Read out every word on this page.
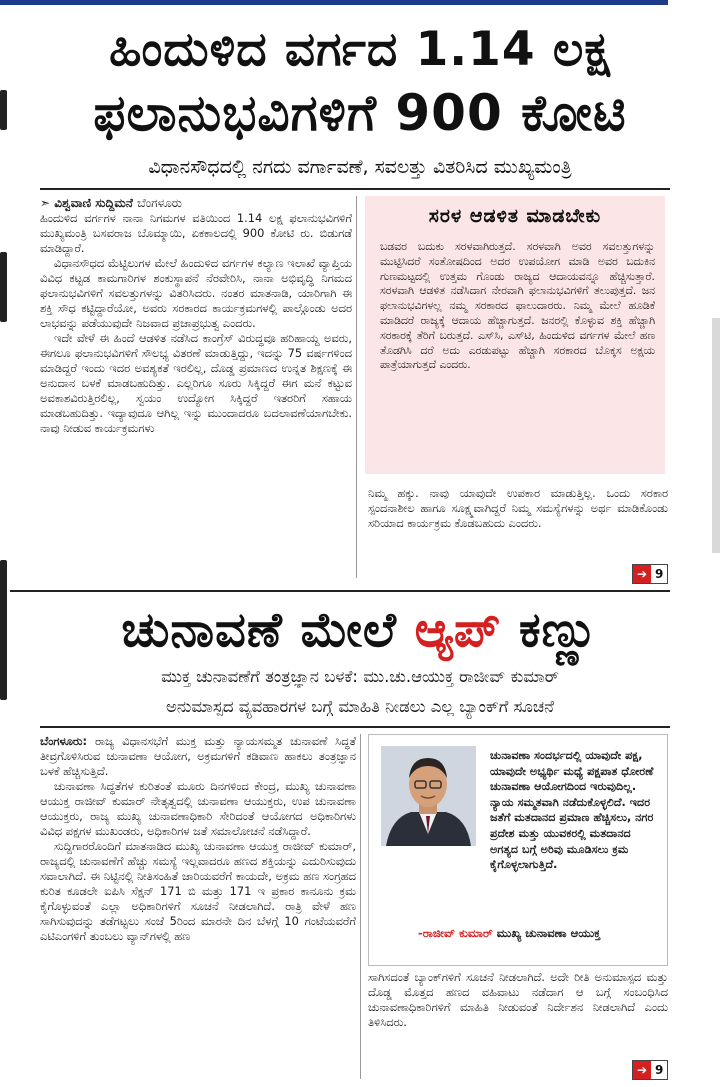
ಹಿಂದುಳಿದ ವರ್ಗದ 1.14 ಲಕ್ಷ
ಫಲಾನುಭವಿಗಳಿಗೆ 900 ಕೋಟಿ
ವಿಧಾನಸೌಧದಲ್ಲಿ ನಗದು ವರ್ಗಾವಣೆ, ಸವಲತ್ತು ವಿತರಿಸಿದ ಮುಖ್ಯಮಂತ್ರಿ
➣ ವಿಶ್ವವಾಣಿ ಸುದ್ದಿಮನೆ ಬೆಂಗಳೂರು

ಹಿಂದುಳಿದ ವರ್ಗಗಳ ನಾನಾ ನಿಗಮಗಳ ವತಿಯಿಂದ 1.14 ಲಕ್ಷ ಫಲಾನುಭವಿಗಳಿಗೆ ಮುಖ್ಯಮಂತ್ರಿ ಬಸವರಾಜ ಬೊಮ್ಮಾಯಿ, ಏಕಕಾಲದಲ್ಲಿ 900 ಕೋಟಿ ರು. ಬಿಡುಗಡೆ ಮಾಡಿದ್ದಾರೆ.

ವಿಧಾನಸೌಧದ ಮೆಟ್ಟಿಲುಗಳ ಮೇಲೆ ಹಿಂದುಳಿದ ವರ್ಗಗಳ ಕಲ್ಯಾಣ ಇಲಾಖೆ ವ್ಯಾಪ್ತಿಯ ವಿವಿಧ ಕಟ್ಟಡ ಕಾಮಗಾರಿಗಳ ಶಂಕುಸ್ಥಾಪನೆ ನೆರವೇರಿಸಿ, ನಾನಾ ಅಭಿವೃದ್ಧಿ ನಿಗಮದ ಫಲಾನುಭವಿಗಳಿಗೆ ಸವಲತ್ತುಗಳನ್ನು ವಿತರಿಸಿದರು. ನಂತರ ಮಾತನಾಡಿ, ಯಾರಿಗಾಗಿ ಈ ಶಕ್ತಿ ಸೌಧ ಕಟ್ಟಿದ್ದಾರೆಯೋ, ಅವರು ಸರಕಾರದ ಕಾರ್ಯಕ್ರಮಗಳಲ್ಲಿ ಪಾಲ್ಗೊಂಡು ಅದರ ಲಾಭವನ್ನು ಪಡೆಯುವುದೇ ನಿಜವಾದ ಪ್ರಜಾಪ್ರಭುತ್ವ ಎಂದರು.

ಇದೇ ವೇಳೆ ಈ ಹಿಂದೆ ಆಡಳಿತ ನಡೆಸಿದ ಕಾಂಗ್ರೆಸ್ ವಿರುದ್ಧವೂ ಹರಿಹಾಯ್ದ ಅವರು, ಈಗಲೂ ಫಲಾನುಭವಿಗಳಿಗೆ ಸೌಲಭ್ಯ ವಿತರಣೆ ಮಾಡುತ್ತಿದ್ದು, ಇದನ್ನು 75 ವರ್ಷಗಳಿಂದ ಮಾಡಿದ್ದರೆ ಇಂದು ಇದರ ಅವಶ್ಯಕತೆ ಇರಲಿಲ್ಲ, ದೊಡ್ಡ ಪ್ರಮಾಣದ ಉನ್ನತ ಶಿಕ್ಷಣಕ್ಕೆ ಈ ಅನುದಾನ ಬಳಕೆ ಮಾಡಬಹುದಿತ್ತು. ಎಲ್ಲರಿಗೂ ಸೂರು ಸಿಕ್ಕಿದ್ದರೆ ಈಗ ಮನೆ ಕಟ್ಟುವ ಅವಕಾಶವಿರುತ್ತಿರಲಿಲ್ಲ, ಸ್ವಯಂ ಉದ್ಯೋಗ ಸಿಕ್ಕಿದ್ದರೆ ಇತರರಿಗೆ ಸಹಾಯ ಮಾಡಬಹುದಿತ್ತು. ಇದ್ಯಾವುದೂ ಆಗಿಲ್ಲ ಇನ್ನು ಮುಂದಾದರೂ ಬದಲಾವಣೆಯಾಗಬೇಕು. ನಾವು ನೀಡುವ ಕಾರ್ಯಕ್ರಮಗಳು

ಸರಳ ಆಡಳಿತ ಮಾಡಬೇಕು
ಬಡವರ ಬದುಕು ಸರಳವಾಗಿರುತ್ತದೆ. ಸರಳವಾಗಿ ಅವರ ಸವಲತ್ತುಗಳನ್ನು ಮುಟ್ಟಿಸಿದರೆ ಸಂತೋಷದಿಂದ ಅದರ ಉಪಯೋಗ ಮಾಡಿ ಅವರ ಬದುಕಿನ ಗುಣಮಟ್ಟದಲ್ಲಿ ಉತ್ತಮ ಗೊಂಡು ರಾಜ್ಯದ ಆದಾಯವನ್ನೂ ಹೆಚ್ಚಿಸುತ್ತಾರೆ. ಸರಳವಾಗಿ ಆಡಳಿತ ನಡೆಸಿದಾಗ ನೇರವಾಗಿ ಫಲಾನುಭವಿಗಳಿಗೆ ತಲುಪುತ್ತದೆ. ಜನ ಫಲಾನುಭವಿಗಳಲ್ಲ ನಮ್ಮ ಸರಕಾರದ ಫಾಲುದಾರರು. ನಿಮ್ಮ ಮೇಲೆ ಹೂಡಿಕೆ ಮಾಡಿದರೆ ರಾಜ್ಯಕ್ಕೆ ಆದಾಯ ಹೆಚ್ಚಾಗುತ್ತದೆ. ಜನರಲ್ಲಿ ಕೊಳ್ಳುವ ಶಕ್ತಿ ಹೆಚ್ಚಾಗಿ ಸರಕಾರಕ್ಕೆ ತೆರಿಗೆ ಬರುತ್ತದೆ. ಎಸ್‌ಸಿ, ಎಸ್‌ಟಿ, ಹಿಂದುಳಿದ ವರ್ಗಗಳ ಮೇಲೆ ಹಣ ತೊಡಗಿಸಿ ದರೆ ಅದು ಎರಡುಪಟ್ಟು ಹೆಚ್ಚಾಗಿ ಸರಕಾರದ ಬೊಕ್ಕಸ ಅಕ್ಷಯ ಪಾತ್ರೆಯಾಗುತ್ತದೆ ಎಂದರು.
ನಿಮ್ಮ ಹಕ್ಕು. ನಾವು ಯಾವುದೇ ಉಪಕಾರ ಮಾಡುತ್ತಿಲ್ಲ. ಒಂದು ಸರಕಾರ ಸ್ಪಂದನಾಶೀಲ ಹಾಗೂ ಸೂಕ್ಷ್ಮವಾಗಿದ್ದರೆ ನಿಮ್ಮ ಸಮಸ್ಯೆಗಳನ್ನು ಅರ್ಥ ಮಾಡಿಕೊಂಡು ಸರಿಯಾದ ಕಾರ್ಯಕ್ರಮ ಕೊಡಬಹುದು ಎಂದರು.
➔ 9
ಚುನಾವಣೆ ಮೇಲೆ ಆ್ಯಪ್ ಕಣ್ಣು
ಮುಕ್ತ ಚುನಾವಣೆಗೆ ತಂತ್ರಜ್ಞಾನ ಬಳಕೆ: ಮು.ಚು.ಆಯುಕ್ತ ರಾಜೀವ್ ಕುಮಾರ್
ಅನುಮಾಸ್ಪದ ವ್ಯವಹಾರಗಳ ಬಗ್ಗೆ ಮಾಹಿತಿ ನೀಡಲು ಎಲ್ಲ ಬ್ಯಾಂಕ್‌ಗೆ ಸೂಚನೆ

ಬೆಂಗಳೂರು: ರಾಜ್ಯ ವಿಧಾನಸಭೆಗೆ ಮುಕ್ತ ಮತ್ತು ನ್ಯಾಯಸಮ್ಮತ ಚುನಾವಣೆ ಸಿದ್ಧತೆ ತೀವ್ರಗೊಳಿಸಿರುವ ಚುನಾವಣಾ ಆಯೋಗ, ಅಕ್ರಮಗಳಿಗೆ ಕಡಿವಾಣ ಹಾಕಲು ತಂತ್ರಜ್ಞಾನ ಬಳಕೆ ಹೆಚ್ಚಿಸುತ್ತಿದೆ.

ಚುನಾವಣಾ ಸಿದ್ಧತೆಗಳ ಕುರಿತಂತೆ ಮೂರು ದಿನಗಳಿಂದ ಕೇಂದ್ರ, ಮುಖ್ಯ ಚುನಾವಣಾ ಆಯುಕ್ತ ರಾಜೀವ್ ಕುಮಾರ್ ನೇತೃತ್ವದಲ್ಲಿ ಚುನಾವಣಾ ಆಯುಕ್ತರು, ಉಪ ಚುನಾವಣಾ ಆಯುಕ್ತರು, ರಾಜ್ಯ ಮುಖ್ಯ ಚುನಾವಣಾಧಿಕಾರಿ ಸೇರಿದಂತೆ ಆಯೋಗದ ಅಧಿಕಾರಿಗಳು ವಿವಿಧ ಪಕ್ಷಗಳ ಮುಖಂಡರು, ಅಧಿಕಾರಿಗಳ ಜತೆ ಸಮಾಲೋಚನೆ ನಡೆಸಿದ್ದಾರೆ.

ಸುದ್ದಿಗಾರರೊಂದಿಗೆ ಮಾತನಾಡಿದ ಮುಖ್ಯ ಚುನಾವಣಾ ಆಯುಕ್ತ ರಾಜೀವ್ ಕುಮಾರ್, ರಾಜ್ಯದಲ್ಲಿ ಚುನಾವಣೆಗೆ ಹೆಚ್ಚು ಸಮಸ್ಯೆ ಇಲ್ಲವಾದರೂ ಹಣದ ಶಕ್ತಿಯನ್ನು ಎದುರಿಸುವುದು ಸವಾಲಾಗಿದೆ. ಈ ನಿಟ್ಟಿನಲ್ಲಿ ನೀತಿಸಂಹಿತೆ ಜಾರಿಯವರೆಗೆ ಕಾಯದೇ, ಅಕ್ರಮ ಹಣ ಸಂಗ್ರಹದ ಕುರಿತ ಕೂಡಲೇ ಐಪಿಸಿ ಸೆಕ್ಷನ್ 171 ಬಿ ಮತ್ತು 171 ಇ ಪ್ರಕಾರ ಕಾನೂನು ಕ್ರಮ ಕೈಗೊಳ್ಳುವಂತೆ ಎಲ್ಲಾ ಅಧಿಕಾರಿಗಳಿಗೆ ಸೂಚನೆ ನೀಡಲಾಗಿದೆ. ರಾತ್ರಿ ವೇಳೆ ಹಣ ಸಾಗಿಸುವುದನ್ನು ತಡೆಗಟ್ಟಲು ಸಂಜೆ 5ರಿಂದ ಮಾರನೇ ದಿನ ಬೆಳಗ್ಗೆ 10 ಗಂಟೆಯವರೆಗೆ ಎಟಿಎಂಗಳಿಗೆ ತುಂಬಲು ವ್ಯಾನ್‌ಗಳಲ್ಲಿ ಹಣ

ಚುನಾವಣಾ ಸಂದರ್ಭದಲ್ಲಿ ಯಾವುದೇ ಪಕ್ಷ, ಯಾವುದೇ ಅಭ್ಯರ್ಥಿ ಮಧ್ಯೆ ಪಕ್ಷಪಾತ ಧೋರಣೆ ಚುನಾವಣಾ ಆಯೋಗದಿಂದ ಇರುವುದಿಲ್ಲ. ನ್ಯಾಯ ಸಮ್ಮತವಾಗಿ ನಡೆದುಕೊಳ್ಳಲಿದೆ. ಇದರ ಜತೆಗೆ ಮತದಾನದ ಪ್ರಮಾಣ ಹೆಚ್ಚಿಸಲು, ನಗರ ಪ್ರದೇಶ ಮತ್ತು ಯುವಕರಲ್ಲಿ ಮತದಾನದ ಅಗತ್ಯದ ಬಗ್ಗೆ ಅರಿವು ಮೂಡಿಸಲು ಕ್ರಮ ಕೈಗೊಳ್ಳಲಾಗುತ್ತಿದೆ.
-ರಾಜೀವ್ ಕುಮಾರ್ ಮುಖ್ಯ ಚುನಾವಣಾ ಆಯುಕ್ತ
ಸಾಗಿಸದಂತೆ ಬ್ಯಾಂಕ್‌ಗಳಿಗೆ ಸೂಚನೆ ನೀಡಲಾಗಿದೆ. ಅದೇ ರೀತಿ ಅನುಮಾಸ್ಪದ ಮತ್ತು ದೊಡ್ಡ ಮೊತ್ತದ ಹಣದ ವಹಿವಾಟು ನಡೆದಾಗ ಆ ಬಗ್ಗೆ ಸಂಬಂಧಿಸಿದ ಚುನಾವಣಾಧಿಕಾರಿಗಳಿಗೆ ಮಾಹಿತಿ ನೀಡುವಂತೆ ನಿರ್ದೇಶನ ನೀಡಲಾಗಿದೆ ಎಂದು ತಿಳಿಸಿದರು.
➔ 9
